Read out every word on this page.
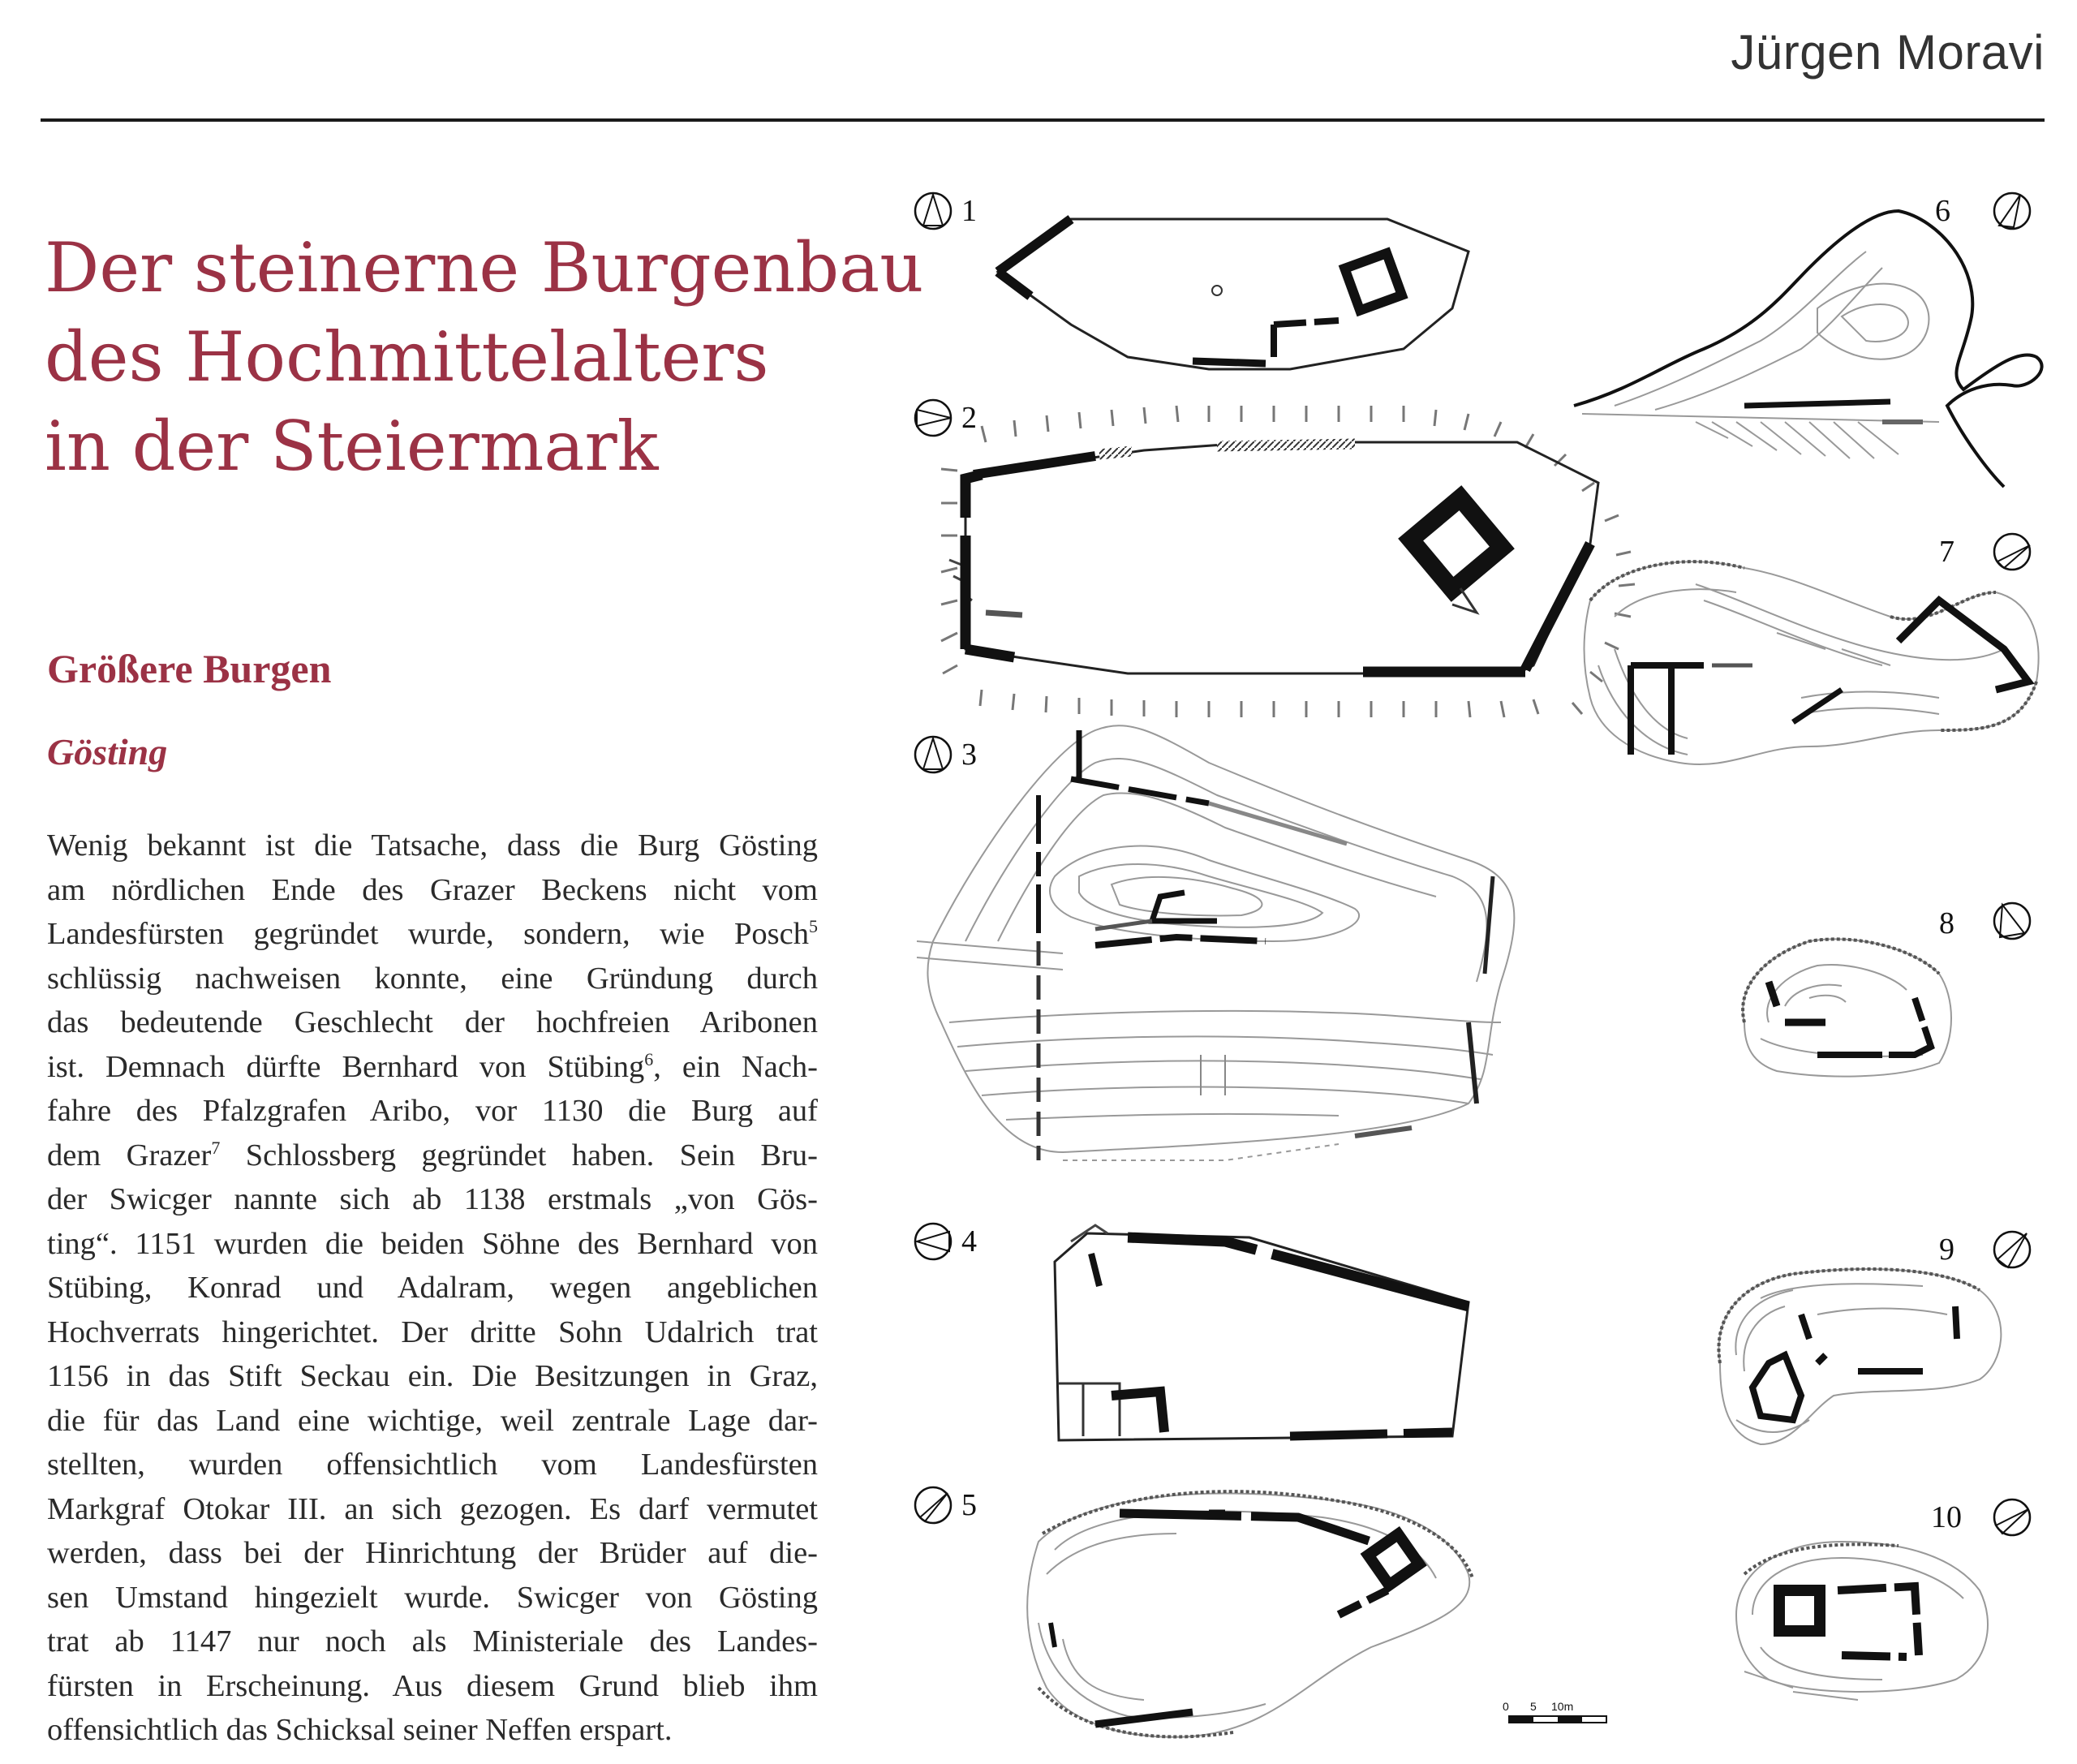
Jürgen Moravi
Der steinerne Burgenbau
des Hochmittelalters
in der Steiermark
Größere Burgen
Gösting
Wenig bekannt ist die Tatsache, dass die Burg Gösting
am nördlichen Ende des Grazer Beckens nicht vom
Landesfürsten gegründet wurde, sondern, wie Posch$^5$
schlüssig nachweisen konnte, eine Gründung durch
das bedeutende Geschlecht der hochfreien Aribonen
ist. Demnach dürfte Bernhard von Stübing$^6$, ein Nach-
fahre des Pfalzgrafen Aribo, vor 1130 die Burg auf
dem Grazer$^7$ Schlossberg gegründet haben. Sein Bru-
der Swicger nannte sich ab 1138 erstmals „von Gös-
ting“. 1151 wurden die beiden Söhne des Bernhard von
Stübing, Konrad und Adalram, wegen angeblichen
Hochverrats hingerichtet. Der dritte Sohn Udalrich trat
1156 in das Stift Seckau ein. Die Besitzungen in Graz,
die für das Land eine wichtige, weil zentrale Lage dar-
stellten, wurden offensichtlich vom Landesfürsten
Markgraf Otokar III. an sich gezogen. Es darf vermutet
werden, dass bei der Hinrichtung der Brüder auf die-
sen Umstand hingezielt wurde. Swicger von Gösting
trat ab 1147 nur noch als Ministeriale des Landes-
fürsten in Erscheinung. Aus diesem Grund blieb ihm
offensichtlich das Schicksal seiner Neffen erspart.
1
2
3
4
5
0 5 10m
6
7
8
9
10
